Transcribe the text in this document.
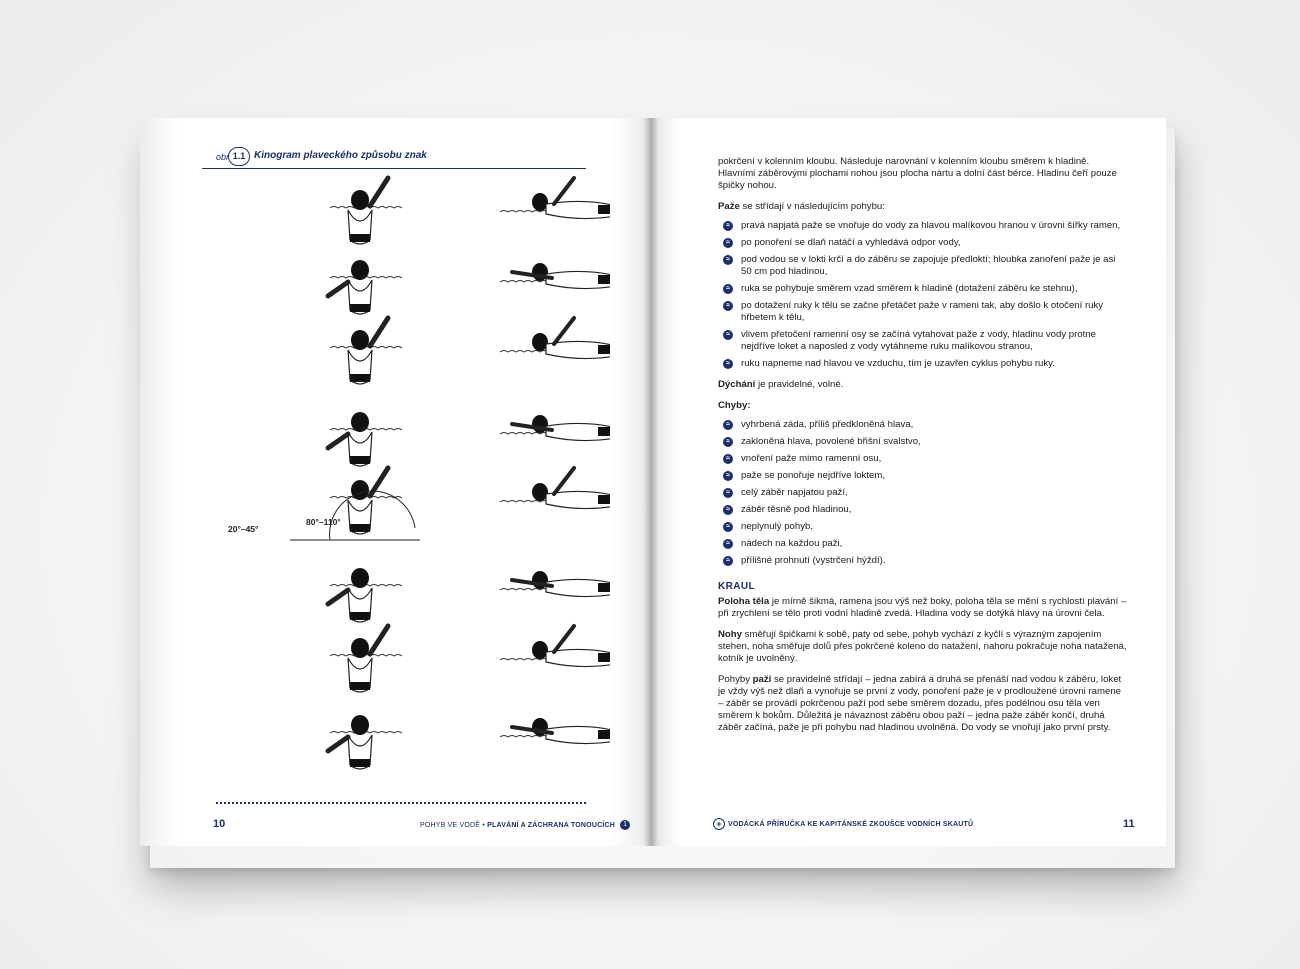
obr 1.1 Kinogram plaveckého způsobu znak
20°–45°
80°–110°
10	POHYB VE VODĚ • PLAVÁNÍ A ZÁCHRANA TONOUCÍCH 1

pokrčení v kolenním kloubu. Následuje narovnání v kolenním kloubu směrem k hladině. Hlavními záběrovými plochami nohou jsou plocha nártu a dolní část bérce. Hladinu čeří pouze špičky nohou.

Paže se střídají v následujícím pohybu:

≈	pravá napjatá paže se vnořuje do vody za hlavou malíkovou hranou v úrovni šířky ramen,
≈	po ponoření se dlaň natáčí a vyhledává odpor vody,
≈	pod vodou se v lokti krčí a do záběru se zapojuje předloktí; hloubka zanoření paže je asi 50 cm pod hladinou,
≈	ruka se pohybuje směrem vzad směrem k hladině (dotažení záběru ke stehnu),
≈	po dotažení ruky k tělu se začne přetáčet paže v rameni tak, aby došlo k otočení ruky hřbetem k tělu,
≈	vlivem přetočení ramenní osy se začíná vytahovat paže z vody, hladinu vody protne nejdříve loket a naposled z vody vytáhneme ruku malíkovou stranou,
≈	ruku napneme nad hlavou ve vzduchu, tím je uzavřen cyklus pohybu ruky.

Dýchání je pravidelné, volné.

Chyby:

≈	vyhrbená záda, příliš předkloněná hlava,
≈	zakloněná hlava, povolené břišní svalstvo,
≈	vnoření paže mimo ramenní osu,
≈	paže se ponořuje nejdříve loktem,
≈	celý záběr napjatou paží,
≈	záběr těsně pod hladinou,
≈	neplynulý pohyb,
≈	nádech na každou paži,
≈	přílišné prohnutí (vystrčení hýždí).
KRAUL

Poloha těla je mírně šikmá, ramena jsou výš než boky, poloha těla se mění s rychlostí plavání – při zrychlení se tělo proti vodní hladině zvedá. Hladina vody se dotýká hlavy na úrovni čela.

Nohy směřují špičkami k sobě, paty od sebe, pohyb vychází z kyčlí s výrazným zapojením stehen, noha směřuje dolů přes pokrčené koleno do natažení, nahoru pokračuje noha natažená, kotník je uvolněný.

Pohyby paží se pravidelně střídají – jedna zabírá a druhá se přenáší nad vodou k záběru, loket je vždy výš než dlaň a vynořuje se první z vody, ponoření paže je v prodloužené úrovni ramene – záběr se provádí pokrčenou paží pod sebe směrem dozadu, přes podélnou osu těla ven směrem k bokům. Důležitá je návaznost záběru obou paží – jedna paže záběr končí, druhá záběr začíná, paže je při pohybu nad hladinou uvolněná. Do vody se vnořují jako první prsty.

+ VODÁCKÁ PŘÍRUČKA KE KAPITÁNSKÉ ZKOUŠCE VODNÍCH SKAUTŮ	11
